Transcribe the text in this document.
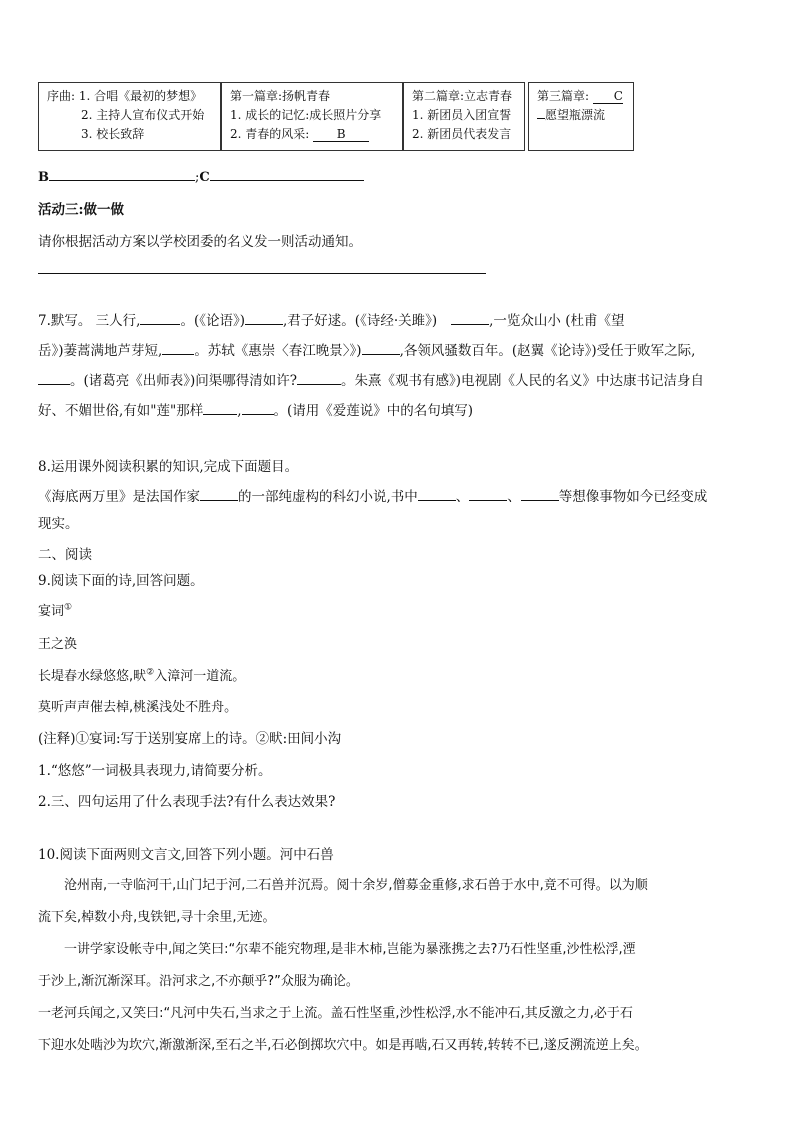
序曲: 1. 合唱《最初的梦想》
2. 主持人宣布仪式开始
3. 校长致辞
第一篇章:扬帆青春
1. 成长的记忆:成长照片分享
2. 青春的风采: B
第二篇章:立志青春
1. 新团员入团宣誓
2. 新团员代表发言
第三篇章: C
愿望瓶漂流
B	;C
活动三:做一做
请你根据活动方案以学校团委的名义发一则活动通知。
7.默写。 三人行,	。(《论语》)	,君子好逑。(《诗经·关雎》)	,一览众山小 (杜甫《望
岳》)萋蒿满地芦芽短, 。苏轼《惠崇〈春江晚景〉》)	,各领风骚数百年。(赵翼《论诗》)受任于败军之际,
。(诸葛亮《出师表》)问渠哪得清如许?	。朱熹《观书有感》)电视剧《人民的名义》中达康书记洁身自
好、不媚世俗,有如"莲"那样	, 。(请用《爱莲说》中的名句填写)
8.运用课外阅读积累的知识,完成下面题目。
《海底两万里》是法国作家	的一部纯虚构的科幻小说,书中	、	、	等想像事物如今已经变成
现实。
二、阅读
9.阅读下面的诗,回答问题。
宴词①
王之涣
长堤春水绿悠悠,畎②入漳河一道流。
莫听声声催去棹,桃溪浅处不胜舟。
(注释)①宴词:写于送别宴席上的诗。②畎:田间小沟
1.“悠悠”一词极具表现力,请简要分析。
2.三、四句运用了什么表现手法?有什么表达效果?
10.阅读下面两则文言文,回答下列小题。河中石兽
沧州南,一寺临河干,山门圮于河,二石兽并沉焉。阅十余岁,僧募金重修,求石兽于水中,竟不可得。以为顺
流下矣,棹数小舟,曳铁钯,寻十余里,无迹。
一讲学家设帐寺中,闻之笑曰:“尔辈不能究物理,是非木柿,岂能为暴涨携之去?乃石性坚重,沙性松浮,湮
于沙上,渐沉渐深耳。沿河求之,不亦颠乎?”众服为确论。
一老河兵闻之,又笑曰:“凡河中失石,当求之于上流。盖石性坚重,沙性松浮,水不能冲石,其反激之力,必于石
下迎水处啮沙为坎穴,渐激渐深,至石之半,石必倒掷坎穴中。如是再啮,石又再转,转转不已,遂反溯流逆上矣。
